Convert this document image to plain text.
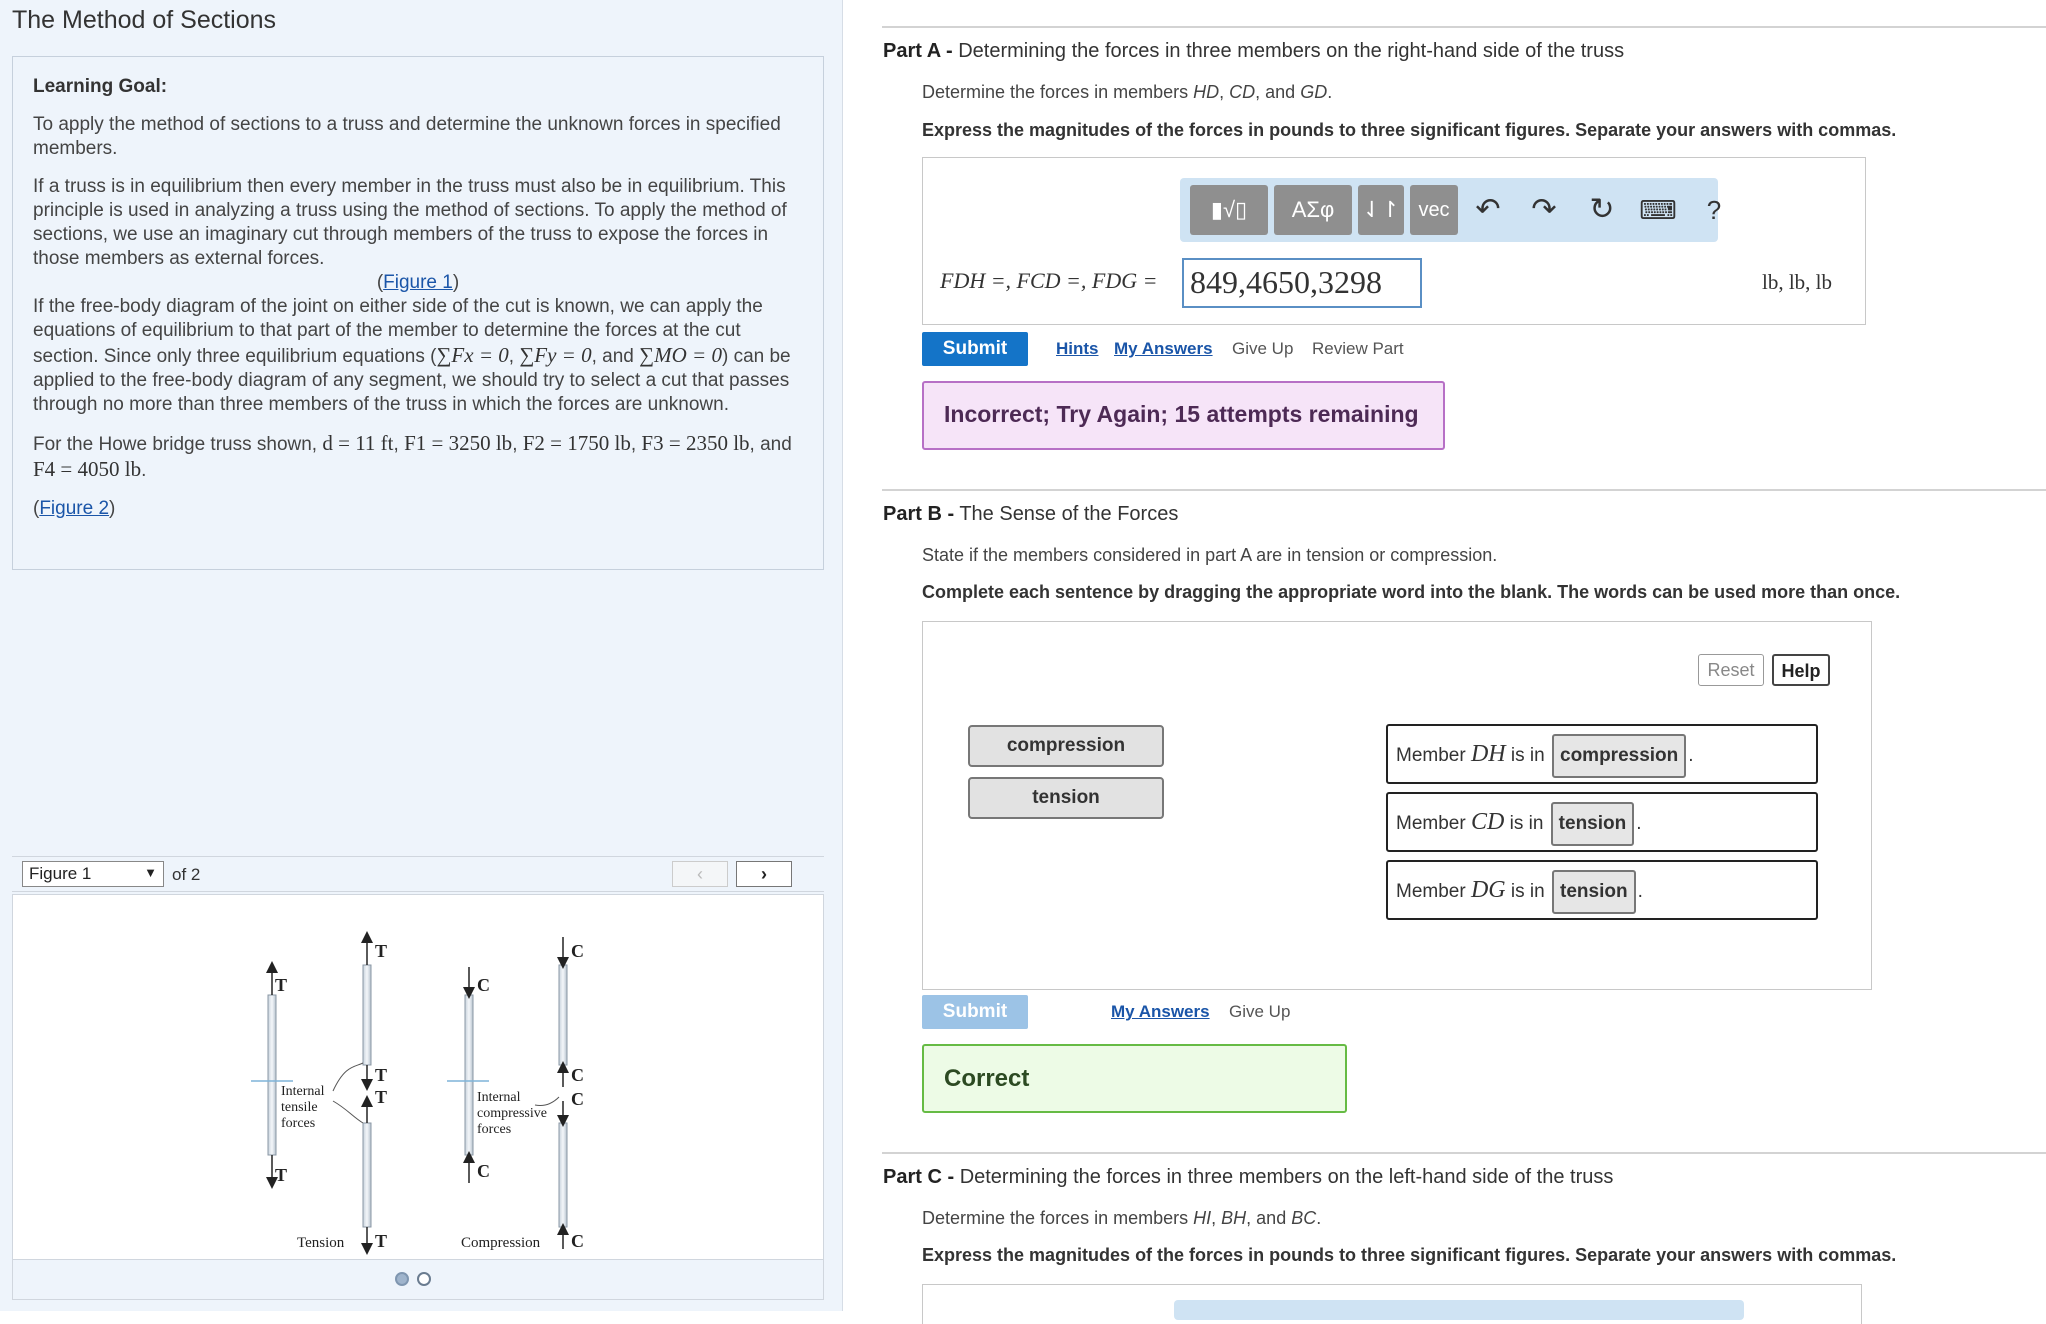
The Method of Sections

Learning Goal:

To apply the method of sections to a truss and determine the unknown forces in specified members.

If a truss is in equilibrium then every member in the truss must also be in equilibrium. This principle is used in analyzing a truss using the method of sections. To apply the method of sections, we use an imaginary cut through members of the truss to expose the forces in those members as external forces.

(Figure 1)

If the free-body diagram of the joint on either side of the cut is known, we can apply the equations of equilibrium to that part of the member to determine the forces at the cut section. Since only three equilibrium equations (∑Fx = 0, ∑Fy = 0, and ∑MO = 0) can be applied to the free-body diagram of any segment, we should try to select a cut that passes through no more than three members of the truss in which the forces are unknown.

For the Howe bridge truss shown, d = 11 ft, F1 = 3250 lb, F2 = 1750 lb, F3 = 2350 lb, and F4 = 4050 lb.

(Figure 2)

Figure 1	▼ of 2	‹	›
T
T
T
T
T
T
Internal
tensile
forces
Tension
C
C
C
C
C
C
Internal
compressive
forces
Compression
Part A - Determining the forces in three members on the right-hand side of the truss
Determine the forces in members HD, CD, and GD.
Express the magnitudes of the forces in pounds to three significant figures. Separate your answers with commas.
▮√▯	ΑΣφ	⇃↾ vec ↶ ↷ ↻ ⌨	?
FDH =, FCD =, FDG = 849,4650,3298	lb, lb, lb
Submit	Hints My Answers Give Up Review Part
Incorrect; Try Again; 15 attempts remaining
Part B - The Sense of the Forces
State if the members considered in part A are in tension or compression.
Complete each sentence by dragging the appropriate word into the blank. The words can be used more than once.
Reset	Help
compression
tension
Member DH is in compression .
Member CD is in tension .
Member DG is in tension .
Submit	My Answers Give Up
Correct
Part C - Determining the forces in three members on the left-hand side of the truss
Determine the forces in members HI, BH, and BC.
Express the magnitudes of the forces in pounds to three significant figures. Separate your answers with commas.
